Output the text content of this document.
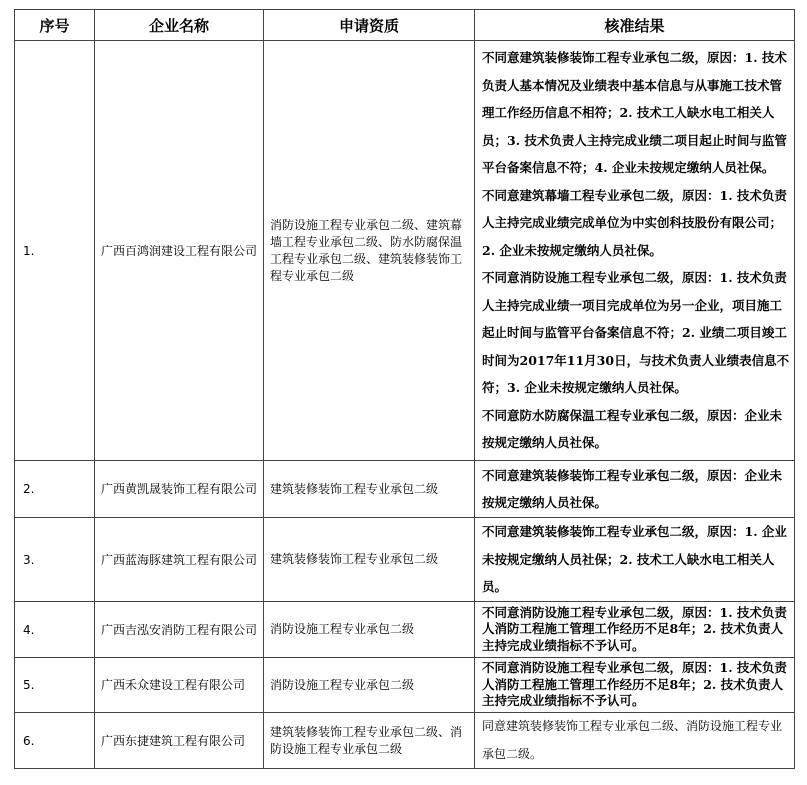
序号	企业名称	申请资质	核准结果
1.	广西百鸿润建设工程有限公司	消防设施工程专业承包二级、建筑幕墙工程专业承包二级、防水防腐保温工程专业承包二级、建筑装修装饰工程专业承包二级	不同意建筑装修装饰工程专业承包二级，原因：1. 技术负责人基本情况及业绩表中基本信息与从事施工技术管理工作经历信息不相符；2. 技术工人缺水电工相关人员；3. 技术负责人主持完成业绩二项目起止时间与监管平台备案信息不符；4. 企业未按规定缴纳人员社保。
不同意建筑幕墙工程专业承包二级，原因：1. 技术负责人主持完成业绩完成单位为中实创科技股份有限公司；2. 企业未按规定缴纳人员社保。
不同意消防设施工程专业承包二级，原因：1. 技术负责人主持完成业绩一项目完成单位为另一企业，项目施工起止时间与监管平台备案信息不符；2. 业绩二项目竣工时间为2017年11月30日，与技术负责人业绩表信息不符；3. 企业未按规定缴纳人员社保。
不同意防水防腐保温工程专业承包二级，原因：企业未按规定缴纳人员社保。

2.	广西黄凯晟装饰工程有限公司	建筑装修装饰工程专业承包二级	不同意建筑装修装饰工程专业承包二级，原因：企业未按规定缴纳人员社保。

3.	广西蓝海豚建筑工程有限公司	建筑装修装饰工程专业承包二级	不同意建筑装修装饰工程专业承包二级，原因：1. 企业未按规定缴纳人员社保；2. 技术工人缺水电工相关人员。

4.	广西吉泓安消防工程有限公司	消防设施工程专业承包二级	不同意消防设施工程专业承包二级，原因：1. 技术负责人消防工程施工管理工作经历不足8年；2. 技术负责人主持完成业绩指标不予认可。

5.	广西禾众建设工程有限公司	消防设施工程专业承包二级	不同意消防设施工程专业承包二级，原因：1. 技术负责人消防工程施工管理工作经历不足8年；2. 技术负责人主持完成业绩指标不予认可。

6.	广西东捷建筑工程有限公司	建筑装修装饰工程专业承包二级、消防设施工程专业承包二级	同意建筑装修装饰工程专业承包二级、消防设施工程专业承包二级。
